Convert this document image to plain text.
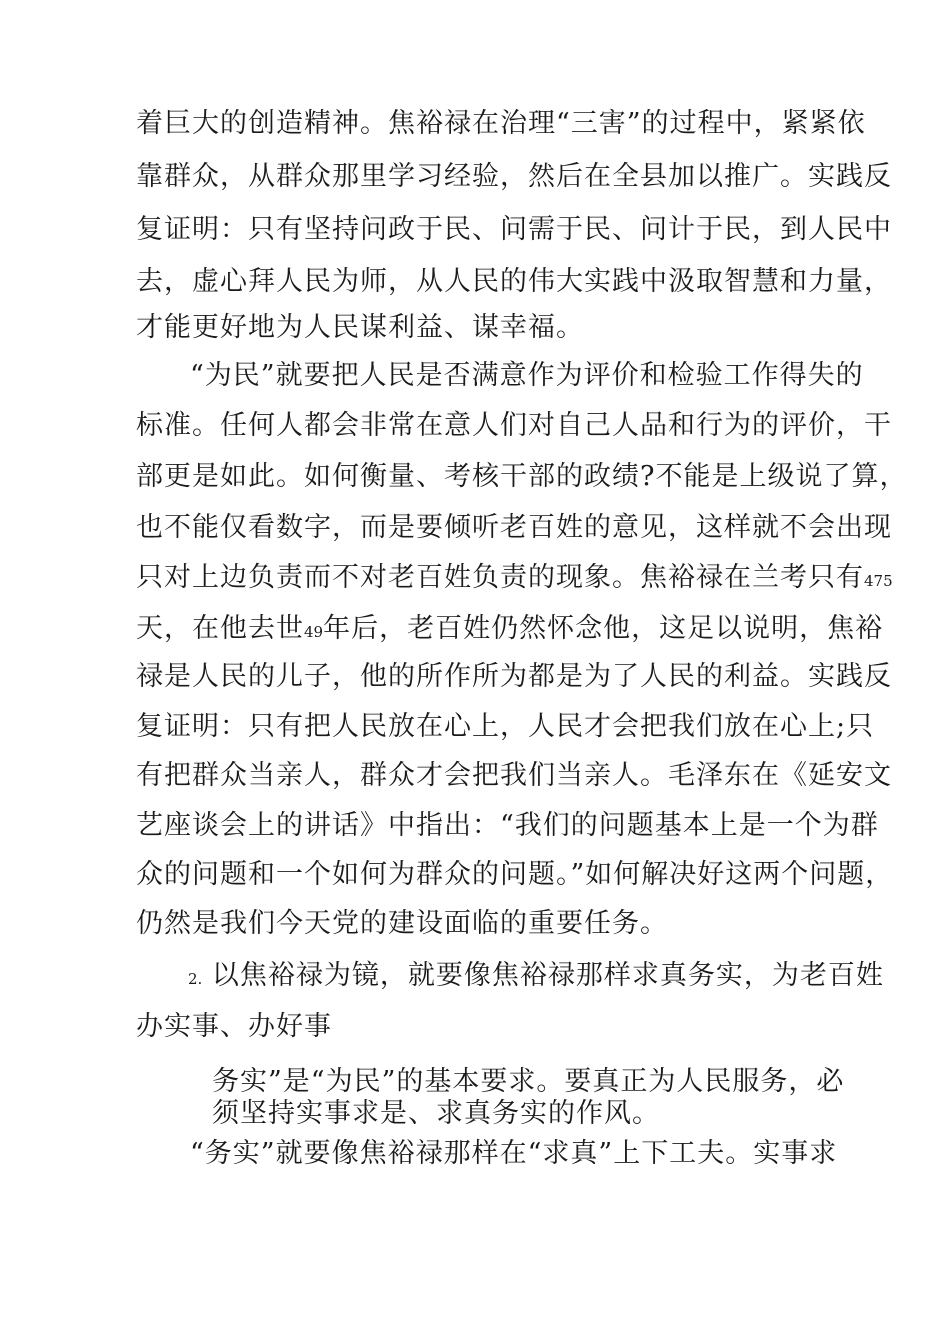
着巨大的创造精神。焦裕禄在治理“三害”的过程中，紧紧依

靠群众，从群众那里学习经验，然后在全县加以推广。实践反

复证明：只有坚持问政于民、问需于民、问计于民，到人民中

去，虚心拜人民为师，从人民的伟大实践中汲取智慧和力量，

才能更好地为人民谋利益、谋幸福。

“为民”就要把人民是否满意作为评价和检验工作得失的

标准。任何人都会非常在意人们对自己人品和行为的评价，干

部更是如此。如何衡量、考核干部的政绩?不能是上级说了算，

也不能仅看数字，而是要倾听老百姓的意见，这样就不会出现

只对上边负责而不对老百姓负责的现象。焦裕禄在兰考只有475

天，在他去世49年后，老百姓仍然怀念他，这足以说明，焦裕

禄是人民的儿子，他的所作所为都是为了人民的利益。实践反

复证明：只有把人民放在心上，人民才会把我们放在心上;只

有把群众当亲人，群众才会把我们当亲人。毛泽东在《延安文

艺座谈会上的讲话》中指出：“我们的问题基本上是一个为群

众的问题和一个如何为群众的问题。”如何解决好这两个问题，

仍然是我们今天党的建设面临的重要任务。

2. 以焦裕禄为镜，就要像焦裕禄那样求真务实，为老百姓

办实事、办好事

务实”是“为民”的基本要求。要真正为人民服务，必

须坚持实事求是、求真务实的作风。

“务实”就要像焦裕禄那样在“求真”上下工夫。实事求
